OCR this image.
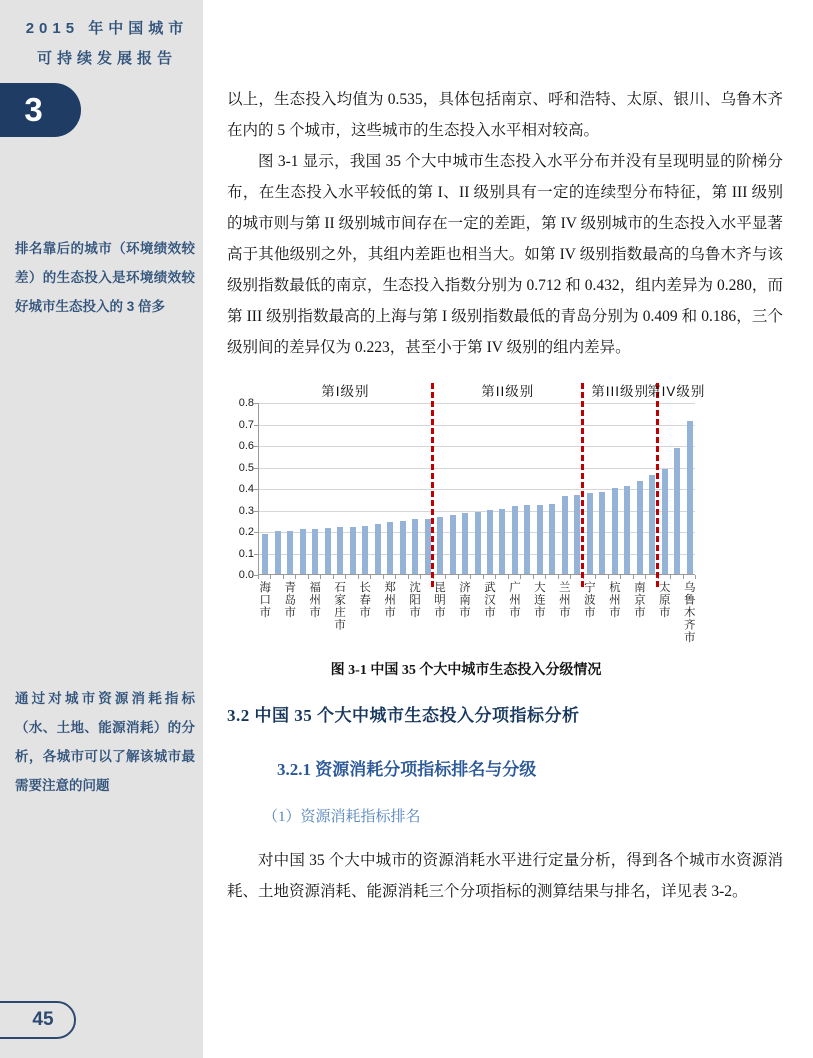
2015 年中国城市
可持续发展报告
3

排名靠后的城市（环境绩效较差）的生态投入是环境绩效较好城市生态投入的 3 倍多

通过对城市资源消耗指标（水、土地、能源消耗）的分析，各城市可以了解该城市最需要注意的问题

45

以上，生态投入均值为 0.535，具体包括南京、呼和浩特、太原、银川、乌鲁木齐在内的 5 个城市，这些城市的生态投入水平相对较高。

图 3-1 显示，我国 35 个大中城市生态投入水平分布并没有呈现明显的阶梯分布，在生态投入水平较低的第 I、II 级别具有一定的连续型分布特征，第 III 级别的城市则与第 II 级别城市间存在一定的差距，第 IV 级别城市的生态投入水平显著高于其他级别之外，其组内差距也相当大。如第 IV 级别指数最高的乌鲁木齐与该级别指数最低的南京，生态投入指数分别为 0.712 和 0.432，组内差异为 0.280，而第 III 级别指数最高的上海与第 I 级别指数最低的青岛分别为 0.409 和 0.186，三个级别间的差异仅为 0.223，甚至小于第 IV 级别的组内差异。

0.0
0.1
0.2
0.3
0.4
0.5
0.6
0.7
0.8
第I级别	第II级别	第III级别
第IV级别
海口市 青岛市 福州市 石家庄市 长春市 郑州市 沈阳市 昆明市 济南市 武汉市 广州市 大连市 兰州市 宁波市 杭州市 南京市 太原市 乌鲁木齐市
图 3-1 中国 35 个大中城市生态投入分级情况
3.2 中国 35 个大中城市生态投入分项指标分析
3.2.1 资源消耗分项指标排名与分级
（1）资源消耗指标排名

对中国 35 个大中城市的资源消耗水平进行定量分析，得到各个城市水资源消耗、土地资源消耗、能源消耗三个分项指标的测算结果与排名，详见表 3-2。
